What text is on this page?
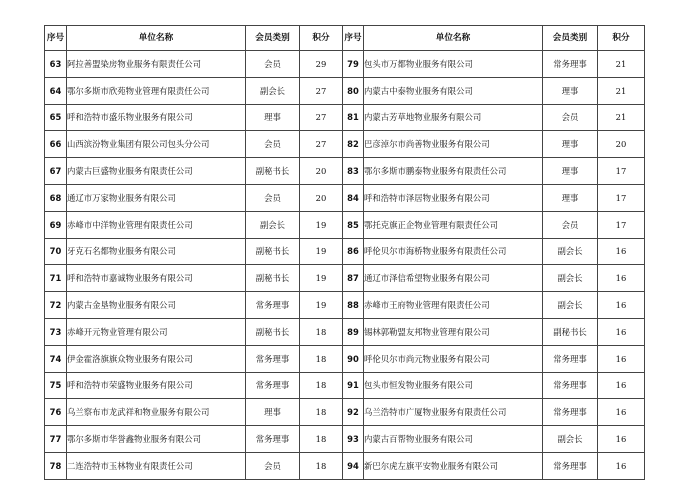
序号	单位名称	会员类别	积分	序号	单位名称	会员类别	积分
63	阿拉善盟染房物业服务有限责任公司	会员	29	79	包头市万都物业服务有限公司	常务理事	21
64	鄂尔多斯市欣苑物业管理有限责任公司	副会长	27	80	内蒙古中泰物业服务有限公司	理事	21
65	呼和浩特市盛乐物业服务有限公司	理事	27	81	内蒙古芳草地物业服务有限公司	会员	21
66	山西滨汾物业集团有限公司包头分公司	会员	27	82	巴彦淖尔市尚善物业服务有限公司	理事	20
67	内蒙古巨盛物业服务有限责任公司	副秘书长	20	83	鄂尔多斯市鹏泰物业服务有限责任公司	理事	17
68	通辽市万家物业服务有限公司	会员	20	84	呼和浩特市泽居物业服务有限公司	理事	17
69	赤峰市中洋物业管理有限责任公司	副会长	19	85	鄂托克旗正企物业管理有限责任公司	会员	17
70	牙克石名都物业服务有限公司	副秘书长	19	86	呼伦贝尔市海桥物业服务有限责任公司	副会长	16
71	呼和浩特市嘉诚物业服务有限公司	副秘书长	19	87	通辽市泽信希望物业服务有限公司	副会长	16
72	内蒙古金垦物业服务有限公司	常务理事	19	88	赤峰市王府物业管理有限责任公司	副会长	16
73	赤峰开元物业管理有限公司	副秘书长	18	89	锡林郭勒盟友邦物业管理有限公司	副秘书长	16
74	伊金霍洛旗旗众物业服务有限公司	常务理事	18	90	呼伦贝尔市尚元物业服务有限公司	常务理事	16
75	呼和浩特市荣盛物业服务有限公司	常务理事	18	91	包头市恒发物业服务有限公司	常务理事	16
76	乌兰察布市龙武祥和物业服务有限公司	理事	18	92	乌兰浩特市广厦物业服务有限责任公司	常务理事	16
77	鄂尔多斯市华誉鑫物业服务有限公司	常务理事	18	93	内蒙古百帮物业服务有限公司	副会长	16
78	二连浩特市玉林物业有限责任公司	会员	18	94	新巴尔虎左旗平安物业服务有限公司	常务理事	16
